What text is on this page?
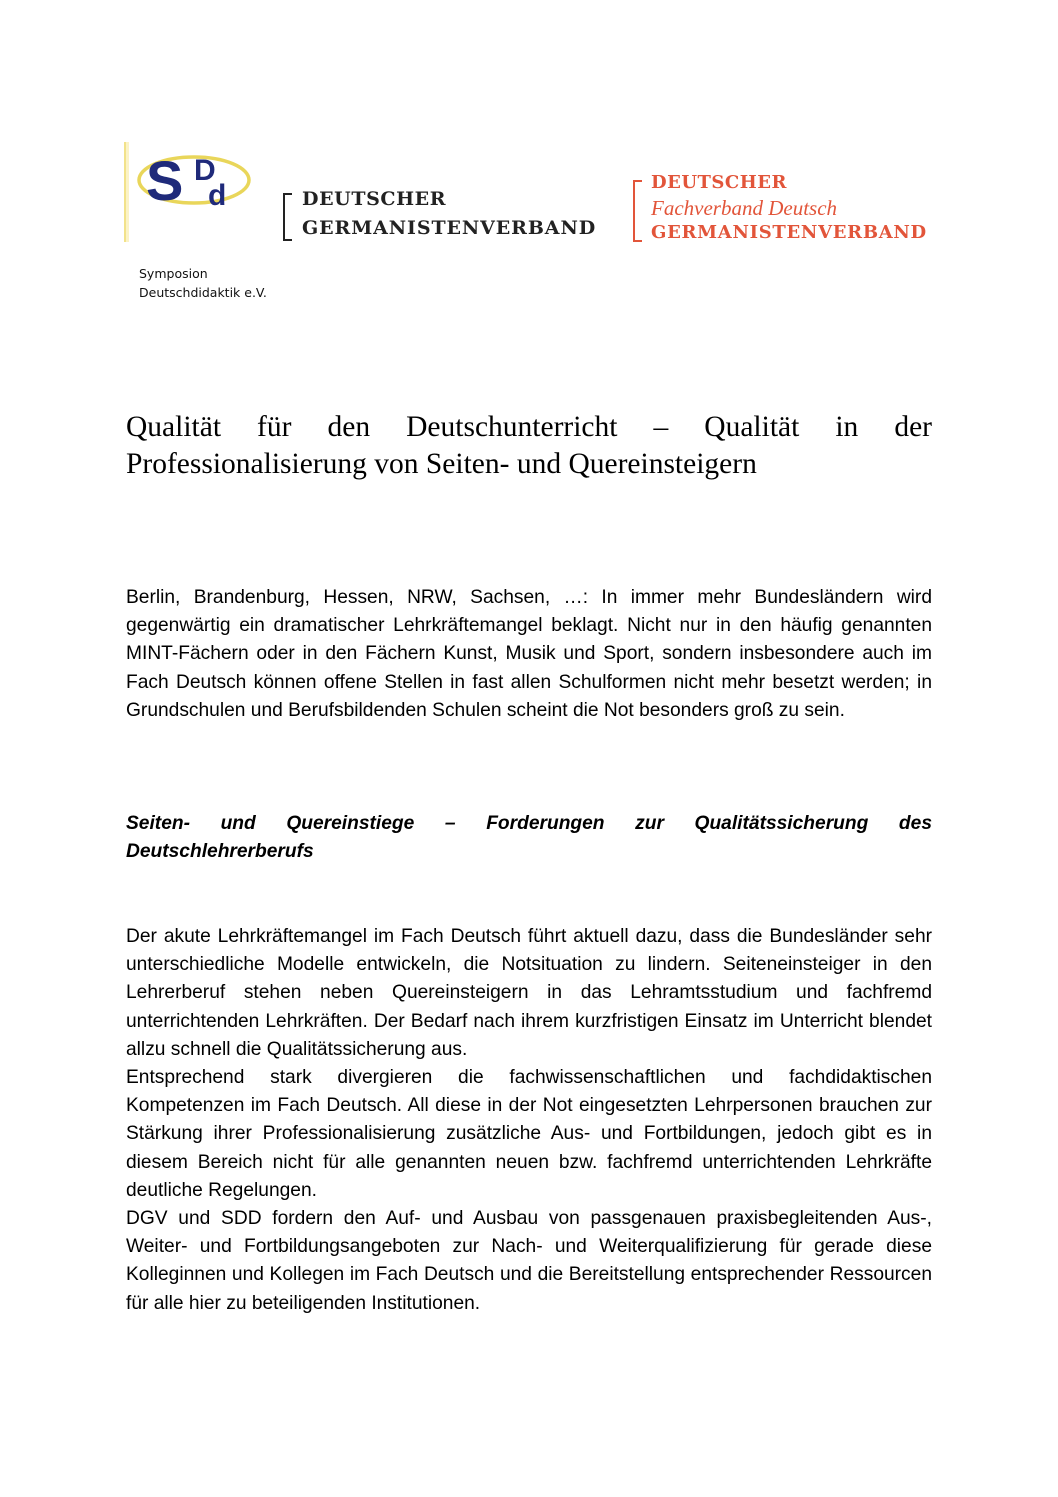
S D
d
Symposion
Deutschdidaktik e.V.
DEUTSCHER
GERMANISTENVERBAND
DEUTSCHER
Fachverband Deutsch
GERMANISTENVERBAND
Qualität für den Deutschunterricht – Qualität in der Professionalisierung von Seiten- und Quereinsteigern

Berlin, Brandenburg, Hessen, NRW, Sachsen, …: In immer mehr Bundesländern wird gegenwärtig ein dramatischer Lehrkräftemangel beklagt. Nicht nur in den häufig genannten MINT-Fächern oder in den Fächern Kunst, Musik und Sport, sondern insbesondere auch im Fach Deutsch können offene Stellen in fast allen Schulformen nicht mehr besetzt werden; in Grundschulen und Berufsbildenden Schulen scheint die Not besonders groß zu sein.

Seiten- und Quereinstiege – Forderungen zur Qualitätssicherung des Deutschlehrerberufs

Der akute Lehrkräftemangel im Fach Deutsch führt aktuell dazu, dass die Bundesländer sehr unterschiedliche Modelle entwickeln, die Notsituation zu lindern. Seiteneinsteiger in den Lehrerberuf stehen neben Quereinsteigern in das Lehramtsstudium und fachfremd unterrichtenden Lehrkräften. Der Bedarf nach ihrem kurzfristigen Einsatz im Unterricht blendet allzu schnell die Qualitätssicherung aus.

Entsprechend stark divergieren die fachwissenschaftlichen und fachdidaktischen Kompetenzen im Fach Deutsch. All diese in der Not eingesetzten Lehrpersonen brauchen zur Stärkung ihrer Professionalisierung zusätzliche Aus- und Fortbildungen, jedoch gibt es in diesem Bereich nicht für alle genannten neuen bzw. fachfremd unterrichtenden Lehrkräfte deutliche Regelungen.

DGV und SDD fordern den Auf- und Ausbau von passgenauen praxisbegleitenden Aus-, Weiter- und Fortbildungsangeboten zur Nach- und Weiterqualifizierung für gerade diese Kolleginnen und Kollegen im Fach Deutsch und die Bereitstellung entsprechender Ressourcen für alle hier zu beteiligenden Institutionen.
